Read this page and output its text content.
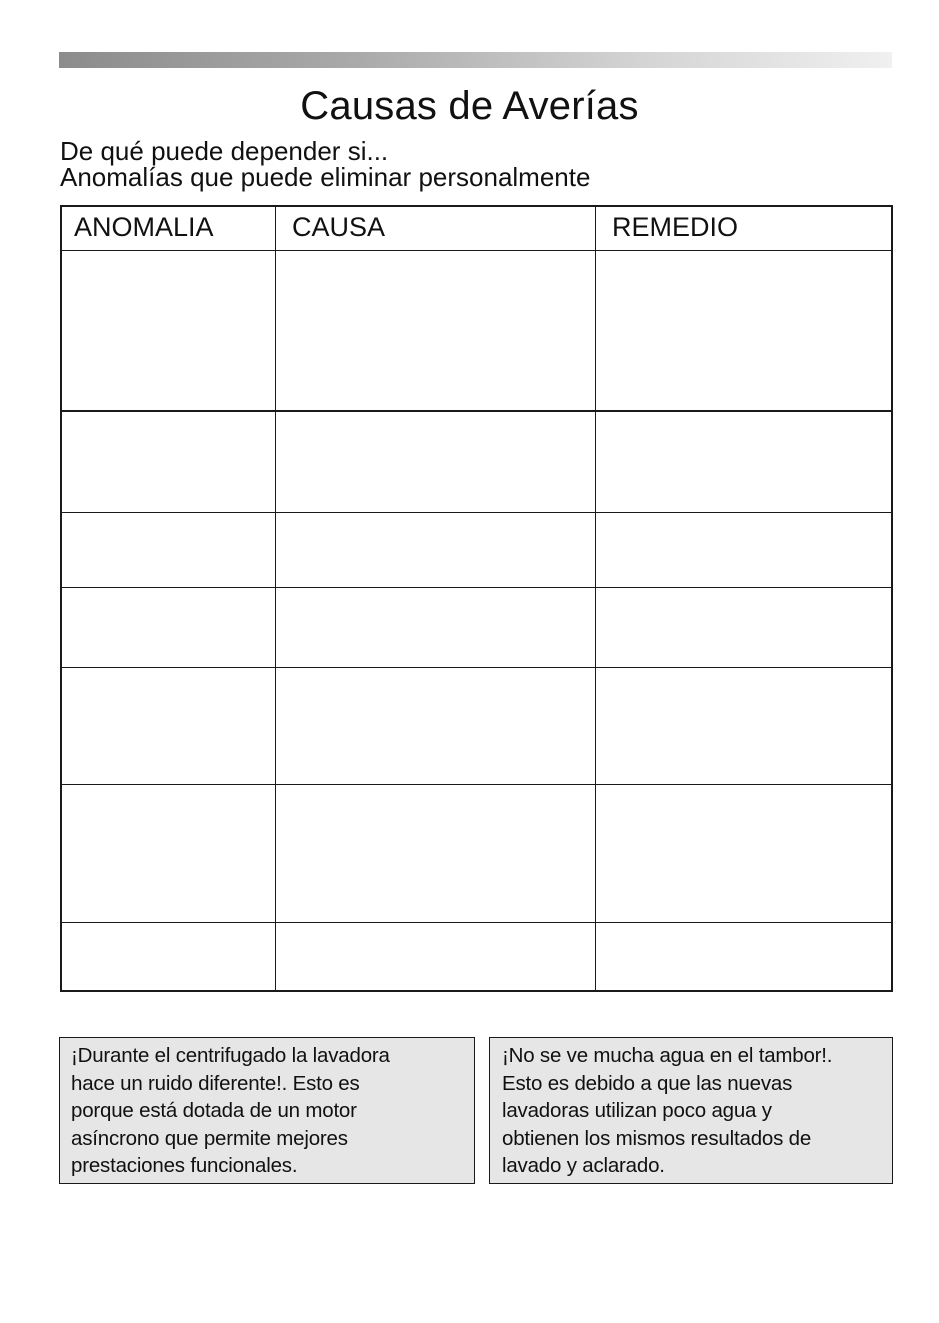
Causas de Averías
De qué puede depender si...
Anomalías que puede eliminar personalmente
ANOMALIA	CAUSA	REMEDIO
¡Durante el centrifugado la lavadora
hace un ruido diferente!. Esto es
porque está dotada de un motor
asíncrono que permite mejores
prestaciones funcionales.
¡No se ve mucha agua en el tambor!.
Esto es debido a que las nuevas
lavadoras utilizan poco agua y
obtienen los mismos resultados de
lavado y aclarado.
